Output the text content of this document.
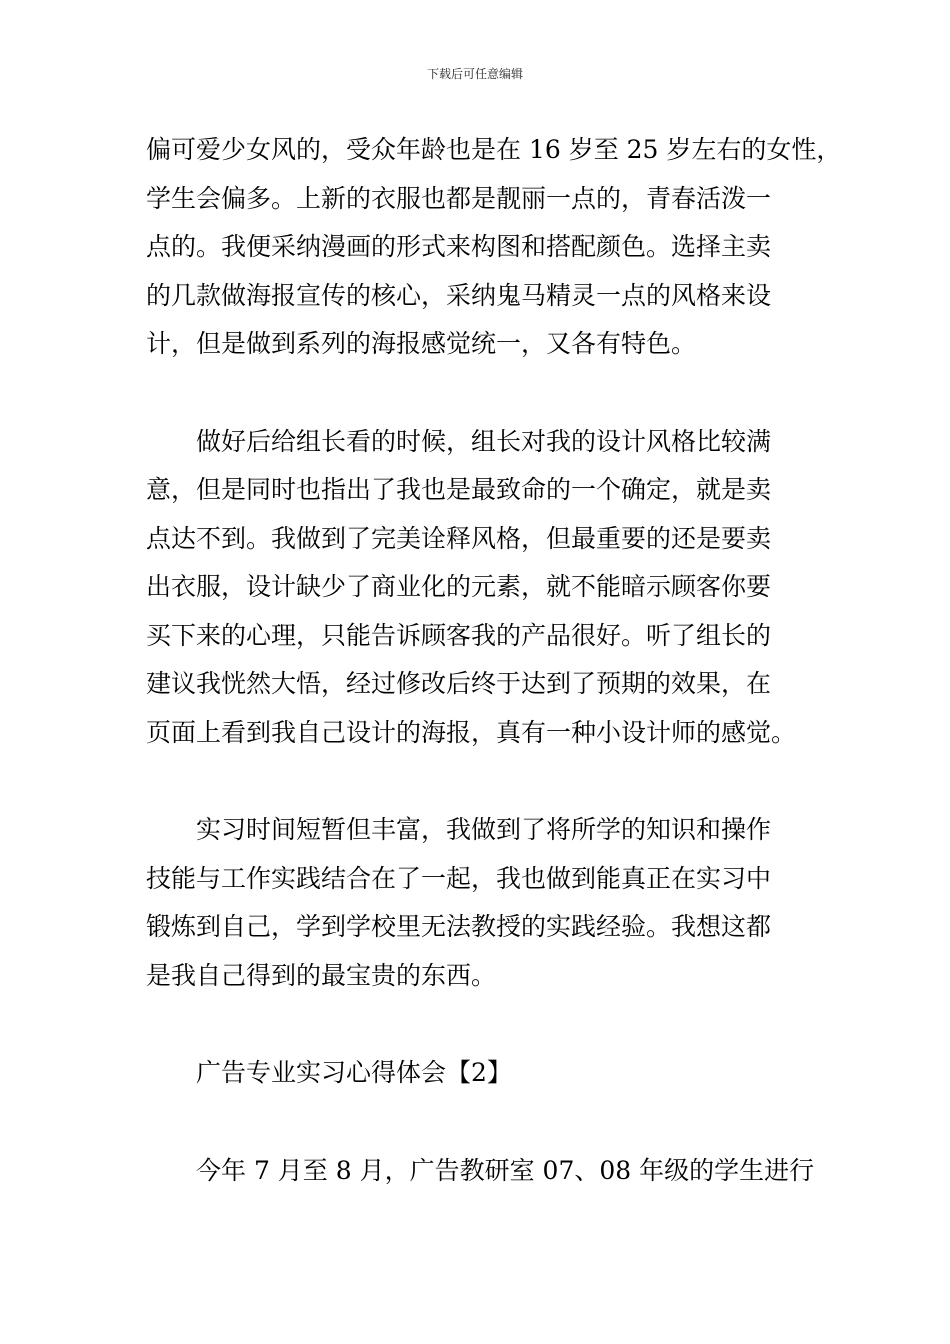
下载后可任意编辑

偏可爱少女风的，受众年龄也是在 16 岁至 25 岁左右的女性，
学生会偏多。上新的衣服也都是靓丽一点的，青春活泼一
点的。我便采纳漫画的形式来构图和搭配颜色。选择主卖
的几款做海报宣传的核心，采纳鬼马精灵一点的风格来设
计，但是做到系列的海报感觉统一，又各有特色。

做好后给组长看的时候，组长对我的设计风格比较满
意，但是同时也指出了我也是最致命的一个确定，就是卖
点达不到。我做到了完美诠释风格，但最重要的还是要卖
出衣服，设计缺少了商业化的元素，就不能暗示顾客你要
买下来的心理，只能告诉顾客我的产品很好。听了组长的
建议我恍然大悟，经过修改后终于达到了预期的效果，在
页面上看到我自己设计的海报，真有一种小设计师的感觉。

实习时间短暂但丰富，我做到了将所学的知识和操作
技能与工作实践结合在了一起，我也做到能真正在实习中
锻炼到自己，学到学校里无法教授的实践经验。我想这都
是我自己得到的最宝贵的东西。

广告专业实习心得体会【2】

今年 7 月至 8 月，广告教研室 07、08 年级的学生进行
